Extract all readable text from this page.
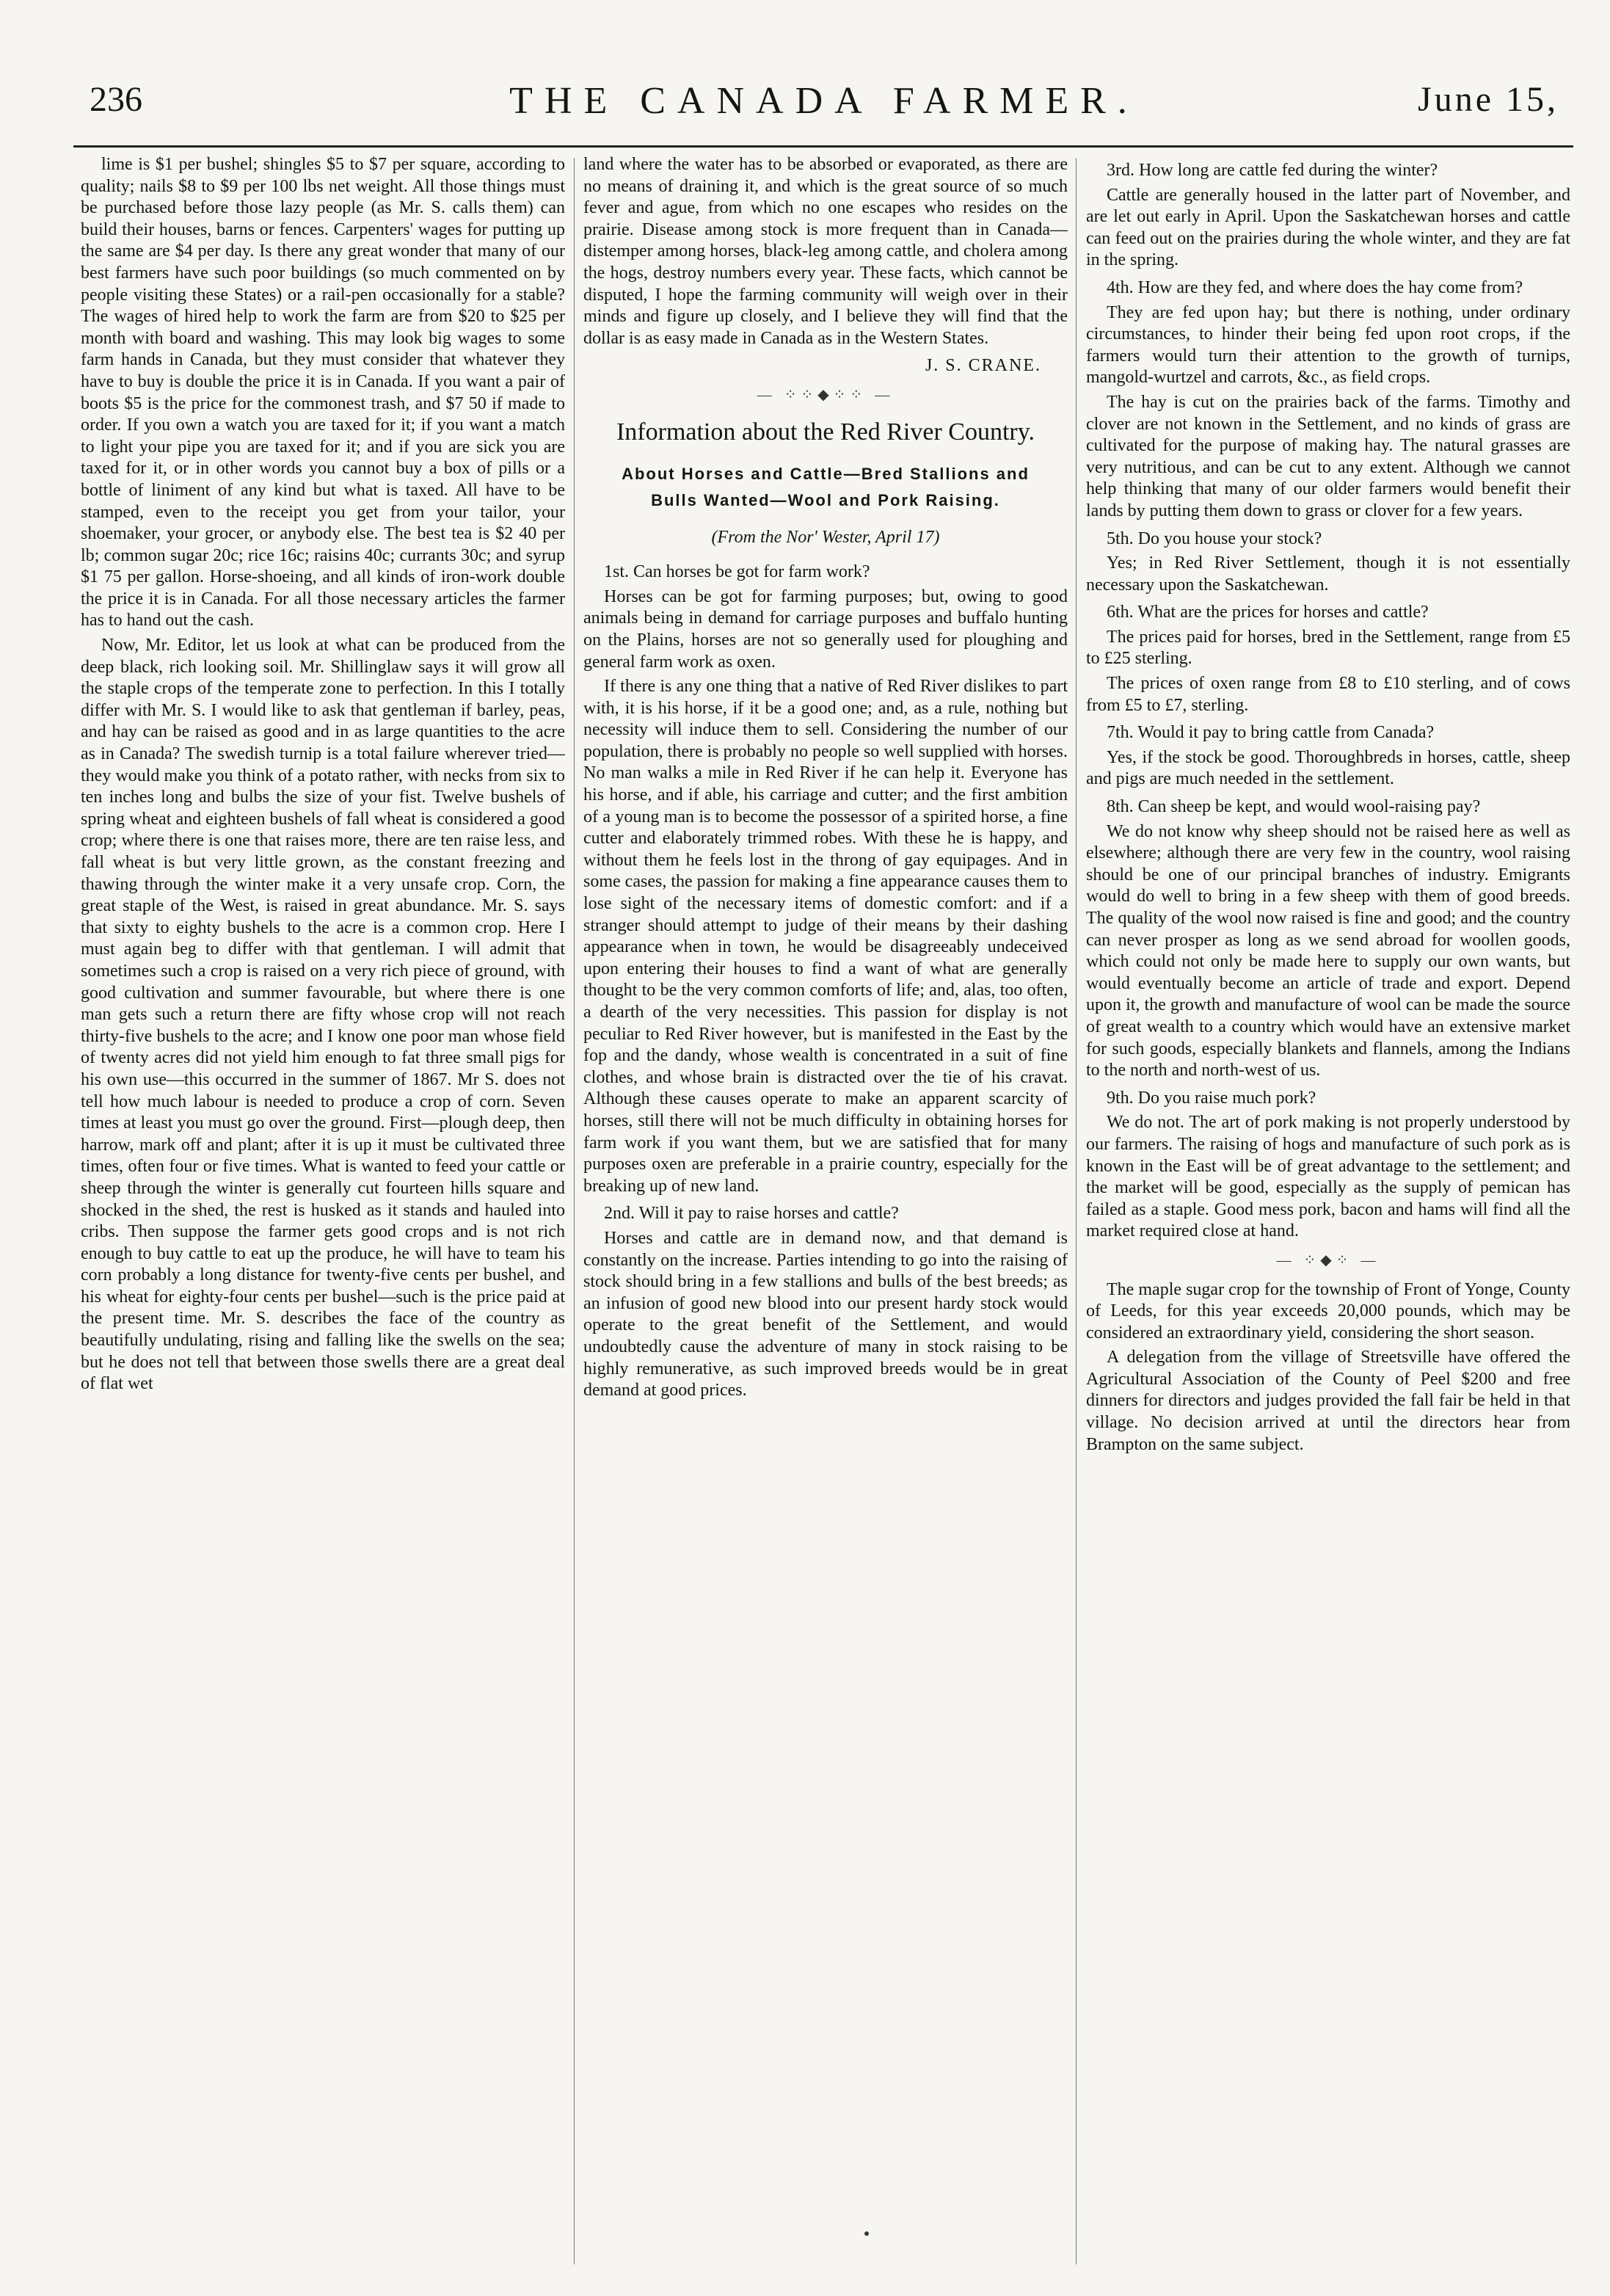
236	THE CANADA FARMER.	June 15,

lime is $1 per bushel; shingles $5 to $7 per square, according to quality; nails $8 to $9 per 100 lbs net weight. All those things must be purchased before those lazy people (as Mr. S. calls them) can build their houses, barns or fences. Carpenters' wages for putting up the same are $4 per day. Is there any great wonder that many of our best farmers have such poor buildings (so much commented on by people visiting these States) or a rail-pen occasionally for a stable? The wages of hired help to work the farm are from $20 to $25 per month with board and washing. This may look big wages to some farm hands in Canada, but they must consider that whatever they have to buy is double the price it is in Canada. If you want a pair of boots $5 is the price for the commonest trash, and $7 50 if made to order. If you own a watch you are taxed for it; if you want a match to light your pipe you are taxed for it; and if you are sick you are taxed for it, or in other words you cannot buy a box of pills or a bottle of liniment of any kind but what is taxed. All have to be stamped, even to the receipt you get from your tailor, your shoemaker, your grocer, or anybody else. The best tea is $2 40 per lb; common sugar 20c; rice 16c; raisins 40c; currants 30c; and syrup $1 75 per gallon. Horse-shoeing, and all kinds of iron-work double the price it is in Canada. For all those necessary articles the farmer has to hand out the cash.

Now, Mr. Editor, let us look at what can be produced from the deep black, rich looking soil. Mr. Shillinglaw says it will grow all the staple crops of the temperate zone to perfection. In this I totally differ with Mr. S. I would like to ask that gentleman if barley, peas, and hay can be raised as good and in as large quantities to the acre as in Canada? The swedish turnip is a total failure wherever tried—they would make you think of a potato rather, with necks from six to ten inches long and bulbs the size of your fist. Twelve bushels of spring wheat and eighteen bushels of fall wheat is considered a good crop; where there is one that raises more, there are ten raise less, and fall wheat is but very little grown, as the constant freezing and thawing through the winter make it a very unsafe crop. Corn, the great staple of the West, is raised in great abundance. Mr. S. says that sixty to eighty bushels to the acre is a common crop. Here I must again beg to differ with that gentleman. I will admit that sometimes such a crop is raised on a very rich piece of ground, with good cultivation and summer favourable, but where there is one man gets such a return there are fifty whose crop will not reach thirty-five bushels to the acre; and I know one poor man whose field of twenty acres did not yield him enough to fat three small pigs for his own use—this occurred in the summer of 1867. Mr S. does not tell how much labour is needed to produce a crop of corn. Seven times at least you must go over the ground. First—plough deep, then harrow, mark off and plant; after it is up it must be cultivated three times, often four or five times. What is wanted to feed your cattle or sheep through the winter is generally cut fourteen hills square and shocked in the shed, the rest is husked as it stands and hauled into cribs. Then suppose the farmer gets good crops and is not rich enough to buy cattle to eat up the produce, he will have to team his corn probably a long distance for twenty-five cents per bushel, and his wheat for eighty-four cents per bushel—such is the price paid at the present time. Mr. S. describes the face of the country as beautifully undulating, rising and falling like the swells on the sea; but he does not tell that between those swells there are a great deal of flat wet

land where the water has to be absorbed or evaporated, as there are no means of draining it, and which is the great source of so much fever and ague, from which no one escapes who resides on the prairie. Disease among stock is more frequent than in Canada—distemper among horses, black-leg among cattle, and cholera among the hogs, destroy numbers every year. These facts, which cannot be disputed, I hope the farming community will weigh over in their minds and figure up closely, and I believe they will find that the dollar is as easy made in Canada as in the Western States.

J. S. CRANE.
— ⁘⁘◆⁘⁘ —
Information about the Red River Country.
About Horses and Cattle—Bred Stallions and Bulls Wanted—Wool and Pork Raising.
(From the Nor' Wester, April 17)

1st. Can horses be got for farm work?

Horses can be got for farming purposes; but, owing to good animals being in demand for carriage purposes and buffalo hunting on the Plains, horses are not so generally used for ploughing and general farm work as oxen.

If there is any one thing that a native of Red River dislikes to part with, it is his horse, if it be a good one; and, as a rule, nothing but necessity will induce them to sell. Considering the number of our population, there is probably no people so well supplied with horses. No man walks a mile in Red River if he can help it. Everyone has his horse, and if able, his carriage and cutter; and the first ambition of a young man is to become the possessor of a spirited horse, a fine cutter and elaborately trimmed robes. With these he is happy, and without them he feels lost in the throng of gay equipages. And in some cases, the passion for making a fine appearance causes them to lose sight of the necessary items of domestic comfort: and if a stranger should attempt to judge of their means by their dashing appearance when in town, he would be disagreeably undeceived upon entering their houses to find a want of what are generally thought to be the very common comforts of life; and, alas, too often, a dearth of the very necessities. This passion for display is not peculiar to Red River however, but is manifested in the East by the fop and the dandy, whose wealth is concentrated in a suit of fine clothes, and whose brain is distracted over the tie of his cravat. Although these causes operate to make an apparent scarcity of horses, still there will not be much difficulty in obtaining horses for farm work if you want them, but we are satisfied that for many purposes oxen are preferable in a prairie country, especially for the breaking up of new land.

2nd. Will it pay to raise horses and cattle?

Horses and cattle are in demand now, and that demand is constantly on the increase. Parties intending to go into the raising of stock should bring in a few stallions and bulls of the best breeds; as an infusion of good new blood into our present hardy stock would operate to the great benefit of the Settlement, and would undoubtedly cause the adventure of many in stock raising to be highly remunerative, as such improved breeds would be in great demand at good prices.

3rd. How long are cattle fed during the winter?

Cattle are generally housed in the latter part of November, and are let out early in April. Upon the Saskatchewan horses and cattle can feed out on the prairies during the whole winter, and they are fat in the spring.

4th. How are they fed, and where does the hay come from?

They are fed upon hay; but there is nothing, under ordinary circumstances, to hinder their being fed upon root crops, if the farmers would turn their attention to the growth of turnips, mangold-wurtzel and carrots, &c., as field crops.

The hay is cut on the prairies back of the farms. Timothy and clover are not known in the Settlement, and no kinds of grass are cultivated for the purpose of making hay. The natural grasses are very nutritious, and can be cut to any extent. Although we cannot help thinking that many of our older farmers would benefit their lands by putting them down to grass or clover for a few years.

5th. Do you house your stock?

Yes; in Red River Settlement, though it is not essentially necessary upon the Saskatchewan.

6th. What are the prices for horses and cattle?

The prices paid for horses, bred in the Settlement, range from £5 to £25 sterling.

The prices of oxen range from £8 to £10 sterling, and of cows from £5 to £7, sterling.

7th. Would it pay to bring cattle from Canada?

Yes, if the stock be good. Thoroughbreds in horses, cattle, sheep and pigs are much needed in the settlement.

8th. Can sheep be kept, and would wool-raising pay?

We do not know why sheep should not be raised here as well as elsewhere; although there are very few in the country, wool raising should be one of our principal branches of industry. Emigrants would do well to bring in a few sheep with them of good breeds. The quality of the wool now raised is fine and good; and the country can never prosper as long as we send abroad for woollen goods, which could not only be made here to supply our own wants, but would eventually become an article of trade and export. Depend upon it, the growth and manufacture of wool can be made the source of great wealth to a country which would have an extensive market for such goods, especially blankets and flannels, among the Indians to the north and north-west of us.

9th. Do you raise much pork?

We do not. The art of pork making is not properly understood by our farmers. The raising of hogs and manufacture of such pork as is known in the East will be of great advantage to the settlement; and the market will be good, especially as the supply of pemican has failed as a staple. Good mess pork, bacon and hams will find all the market required close at hand.

— ⁘◆⁘ —

The maple sugar crop for the township of Front of Yonge, County of Leeds, for this year exceeds 20,000 pounds, which may be considered an extraordinary yield, considering the short season.

A delegation from the village of Streetsville have offered the Agricultural Association of the County of Peel $200 and free dinners for directors and judges provided the fall fair be held in that village. No decision arrived at until the directors hear from Brampton on the same subject.
